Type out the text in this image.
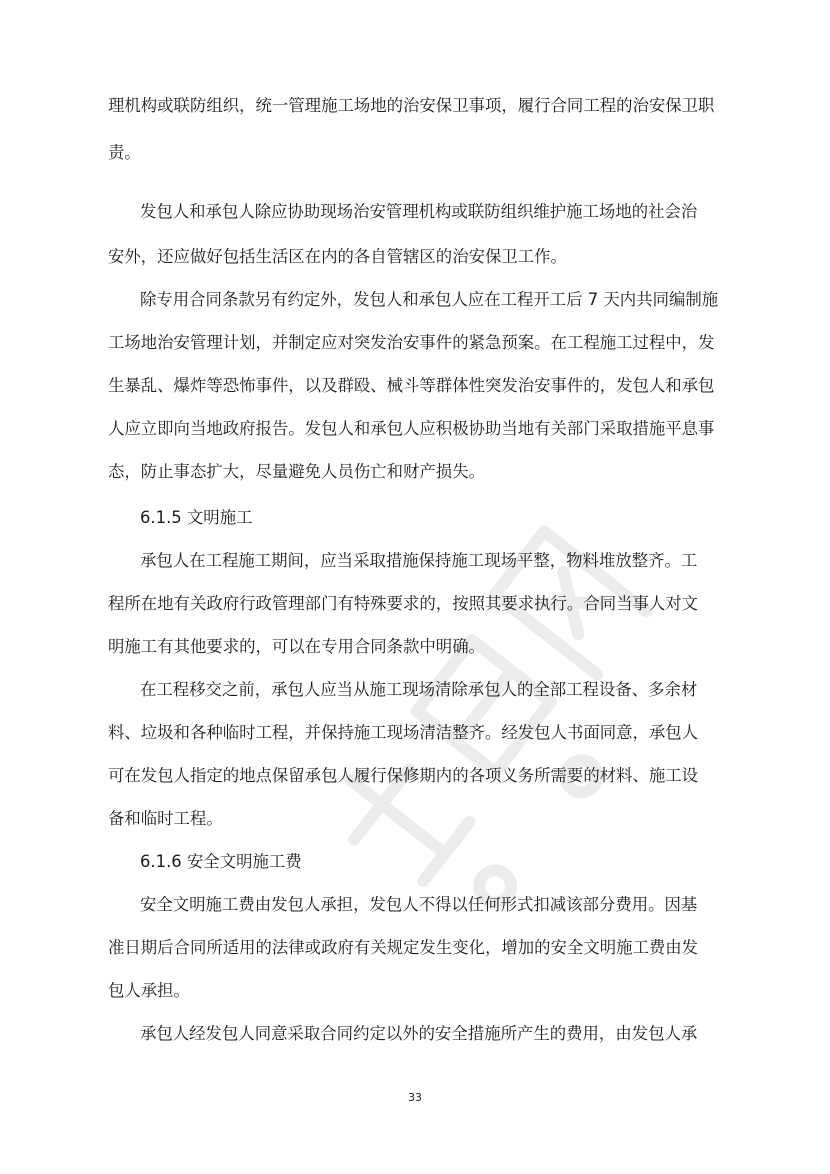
理机构或联防组织，统一管理施工场地的治安保卫事项，履行合同工程的治安保卫职
责。
发包人和承包人除应协助现场治安管理机构或联防组织维护施工场地的社会治
安外，还应做好包括生活区在内的各自管辖区的治安保卫工作。
除专用合同条款另有约定外，发包人和承包人应在工程开工后 7 天内共同编制施
工场地治安管理计划，并制定应对突发治安事件的紧急预案。在工程施工过程中，发
生暴乱、爆炸等恐怖事件，以及群殴、械斗等群体性突发治安事件的，发包人和承包
人应立即向当地政府报告。发包人和承包人应积极协助当地有关部门采取措施平息事
态，防止事态扩大，尽量避免人员伤亡和财产损失。
6.1.5 文明施工
承包人在工程施工期间，应当采取措施保持施工现场平整，物料堆放整齐。工
程所在地有关政府行政管理部门有特殊要求的，按照其要求执行。合同当事人对文
明施工有其他要求的，可以在专用合同条款中明确。
在工程移交之前，承包人应当从施工现场清除承包人的全部工程设备、多余材
料、垃圾和各种临时工程，并保持施工现场清洁整齐。经发包人书面同意，承包人
可在发包人指定的地点保留承包人履行保修期内的各项义务所需要的材料、施工设
备和临时工程。
6.1.6 安全文明施工费
安全文明施工费由发包人承担，发包人不得以任何形式扣减该部分费用。因基
准日期后合同所适用的法律或政府有关规定发生变化，增加的安全文明施工费由发
包人承担。
承包人经发包人同意采取合同约定以外的安全措施所产生的费用，由发包人承
33
